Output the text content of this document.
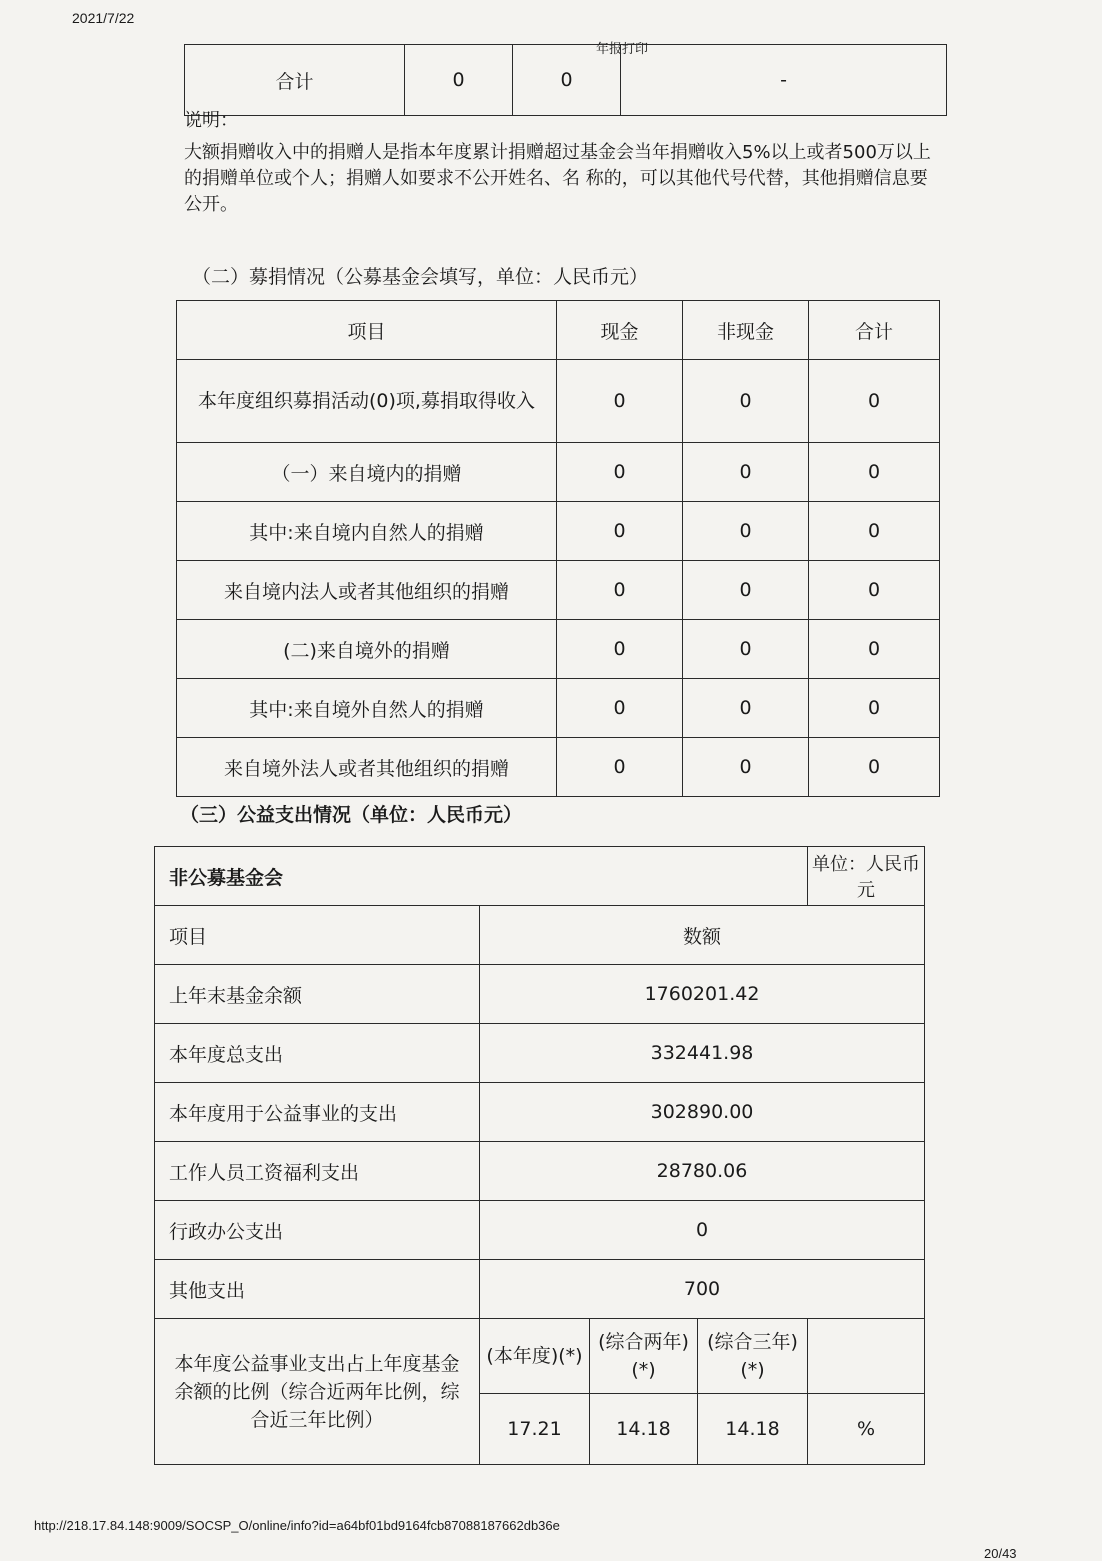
2021/7/22
年报打印
合计	0	0	-
说明：
大额捐赠收入中的捐赠人是指本年度累计捐赠超过基金会当年捐赠收入5%以上或者500万以上的捐赠单位或个人；捐赠人如要求不公开姓名、名 称的，可以其他代号代替，其他捐赠信息要公开。
（二）募捐情况（公募基金会填写，单位：人民币元）
项目	现金	非现金	合计
本年度组织募捐活动(0)项,募捐取得收入	0	0	0
（一）来自境内的捐赠	0	0	0
其中:来自境内自然人的捐赠	0	0	0
来自境内法人或者其他组织的捐赠	0	0	0
(二)来自境外的捐赠	0	0	0
其中:来自境外自然人的捐赠	0	0	0
来自境外法人或者其他组织的捐赠	0	0	0
（三）公益支出情况（单位：人民币元）
非公募基金会				单位：人民币元
项目	数额			
上年末基金余额	1760201.42			
本年度总支出	332441.98			
本年度用于公益事业的支出	302890.00			
工作人员工资福利支出	28780.06			
行政办公支出	0			
其他支出	700			
本年度公益事业支出占上年度基金余额的比例（综合近两年比例，综合近三年比例）	(本年度)(*)	(综合两年)(*)	(综合三年)(*)	
	17.21	14.18	14.18	%
http://218.17.84.148:9009/SOCSP_O/online/info?id=a64bf01bd9164fcb87088187662db36e
20/43
